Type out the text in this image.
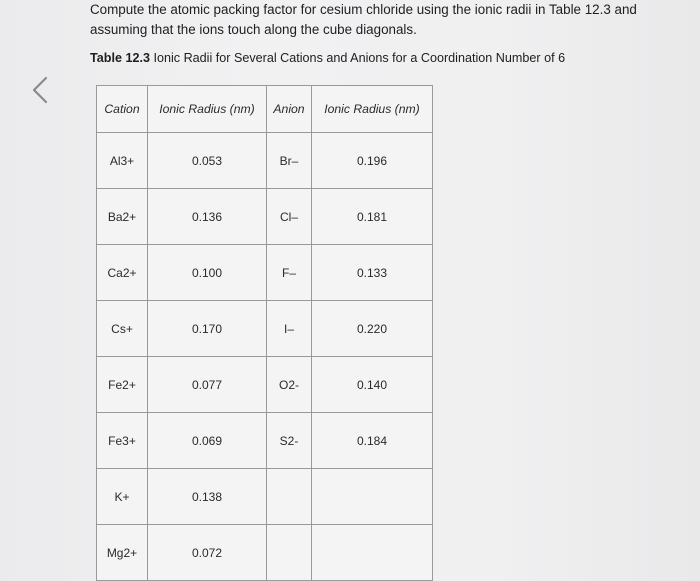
Compute the atomic packing factor for cesium chloride using the ionic radii in Table 12.3 and

assuming that the ions touch along the cube diagonals.

Table 12.3 Ionic Radii for Several Cations and Anions for a Coordination Number of 6
Cation	Ionic Radius (nm)	Anion	Ionic Radius (nm)
Al3+	0.053	Br–	0.196
Ba2+	0.136	Cl–	0.181
Ca2+	0.100	F–	0.133
Cs+	0.170	I–	0.220
Fe2+	0.077	O2-	0.140
Fe3+	0.069	S2-	0.184
K+	0.138		
Mg2+	0.072		
